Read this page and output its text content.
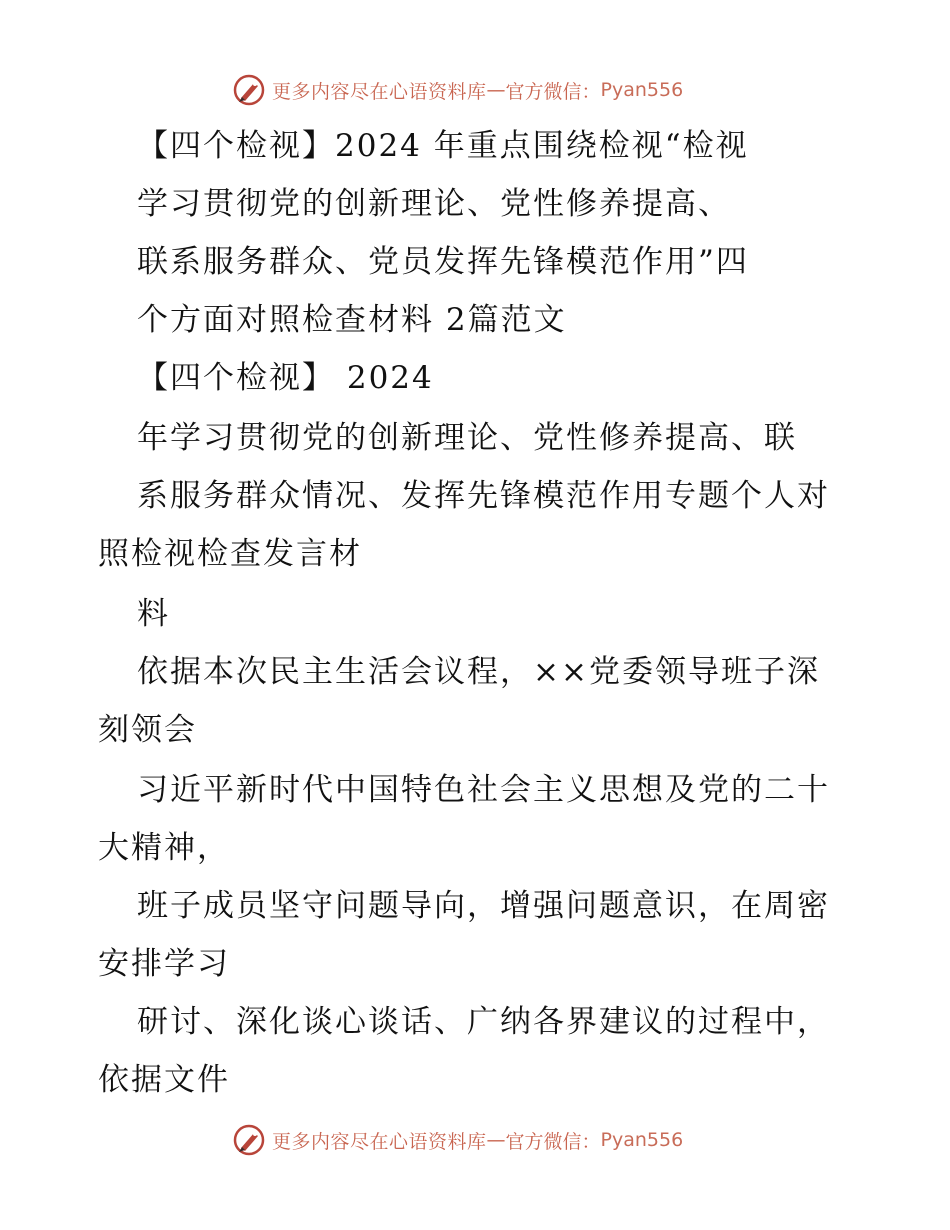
更多内容尽在心语资料库 — 官方微信： Pyan556
【四个检视】2024 年重点围绕检视“检视
学习贯彻党的创新理论、党性修养提高、
联系服务群众、党员发挥先锋模范作用”四
个方面对照检查材料 2篇范文
【四个检视】 2024
年学习贯彻党的创新理论、党性修养提高、联
系服务群众情况、发挥先锋模范作用专题个人对
照检视检查发言材
料
依据本次民主生活会议程，××党委领导班子深
刻领会
习近平新时代中国特色社会主义思想及党的二十
大精神，
班子成员坚守问题导向，增强问题意识，在周密
安排学习
研讨、深化谈心谈话、广纳各界建议的过程中，
依据文件
更多内容尽在心语资料库 — 官方微信： Pyan556
